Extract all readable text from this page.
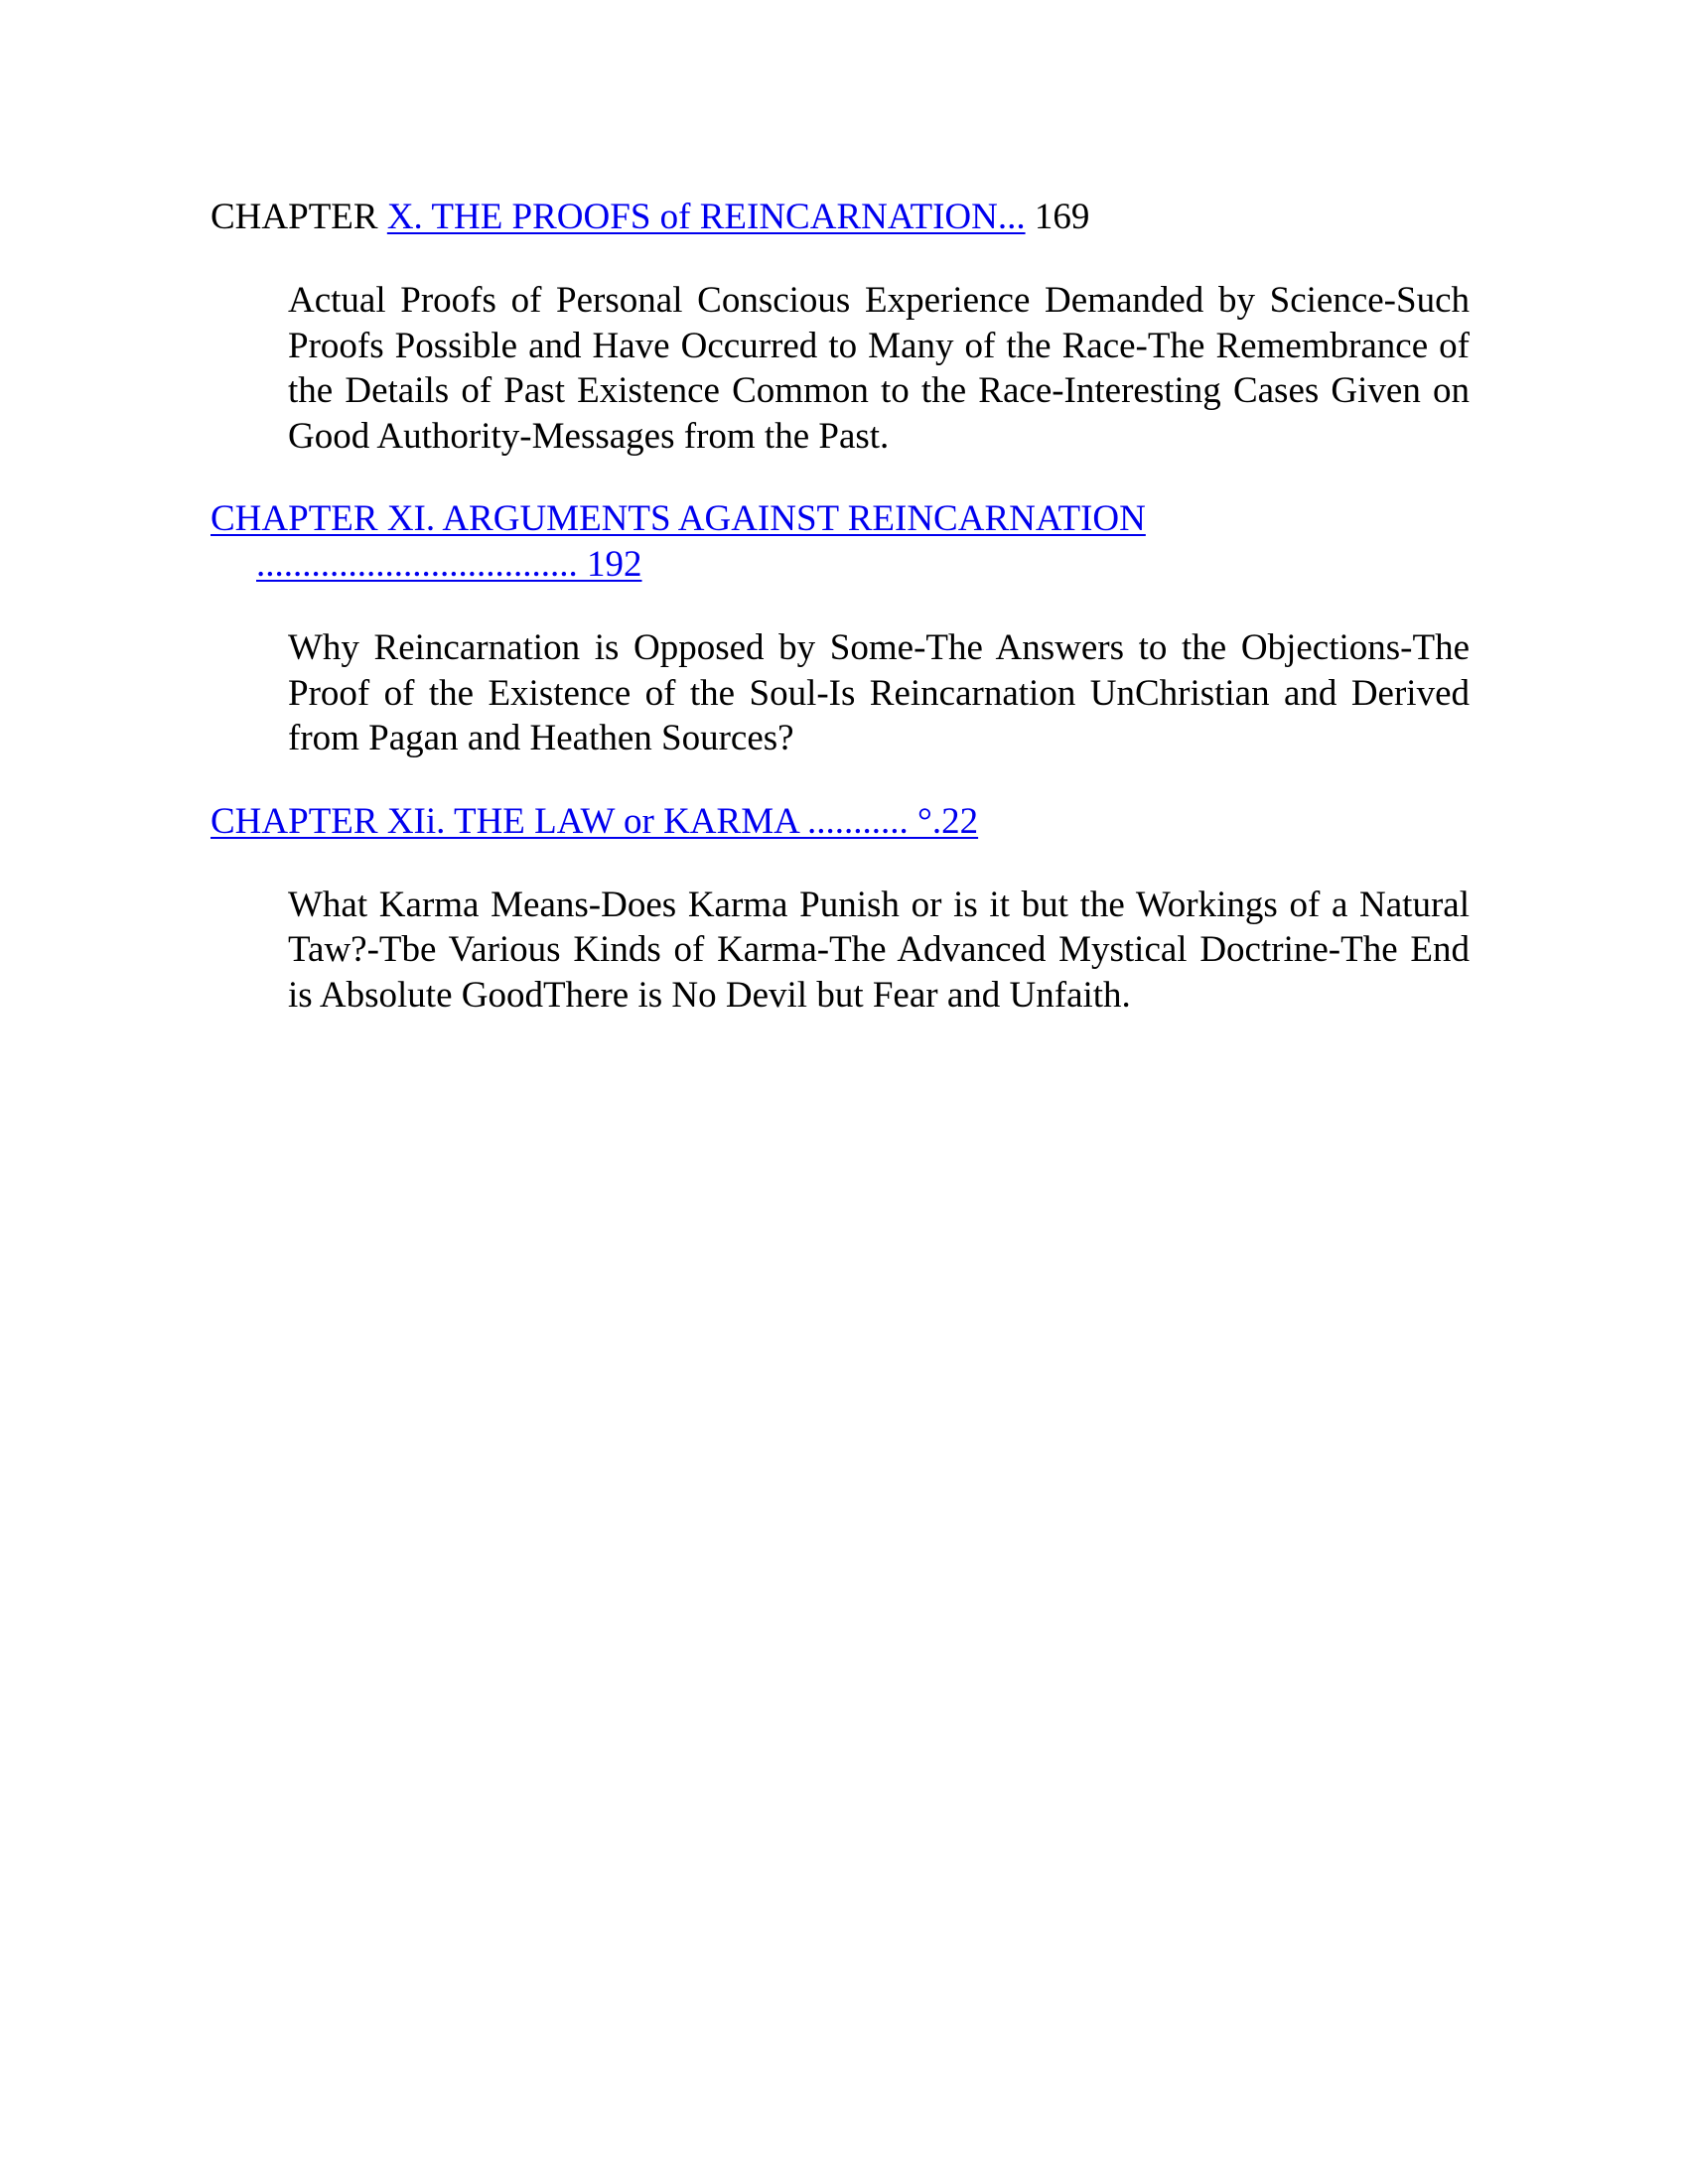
CHAPTER X. THE PROOFS of REINCARNATION... 169

Actual Proofs of Personal Conscious Experience Demanded by Science-Such Proofs Possible and Have Occurred to Many of the Race-The Remembrance of the Details of Past Existence Common to the Race-Interesting Cases Given on Good Authority-Messages from the Past.

CHAPTER XI. ARGUMENTS AGAINST REINCARNATION
................................... 192

Why Reincarnation is Opposed by Some-The Answers to the Objections-The Proof of the Existence of the Soul-Is Reincarnation UnChristian and Derived from Pagan and Heathen Sources?

CHAPTER XIi. THE LAW or KARMA ........... °.22

What Karma Means-Does Karma Punish or is it but the Workings of a Natural Taw?-Tbe Various Kinds of Karma-The Advanced Mystical Doctrine-The End is Absolute GoodThere is No Devil but Fear and Unfaith.
